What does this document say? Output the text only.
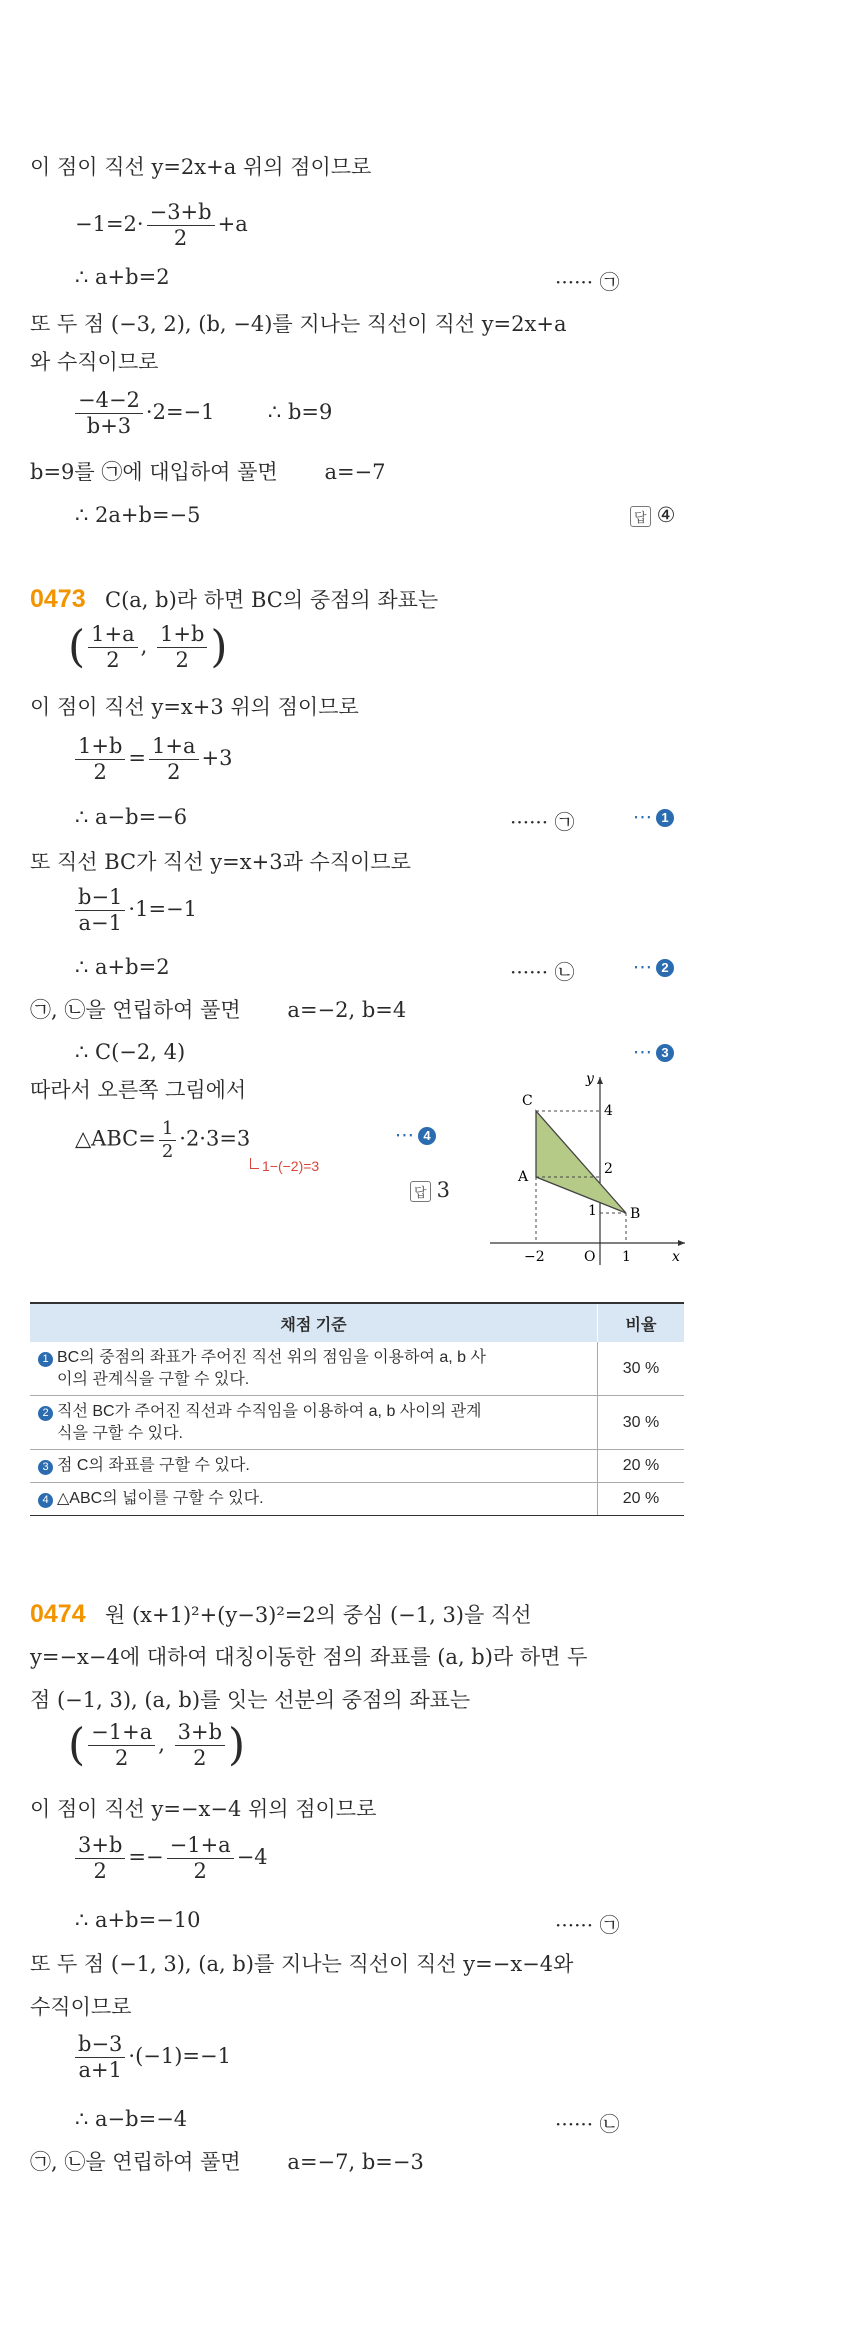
이 점이 직선 y=2x+a 위의 점이므로
$-1=2\cdot \frac{-3+b}{2} +a$
∴ a+b=2	······ ㉠
또 두 점 (−3, 2), (b, −4)를 지나는 직선이 직선 y=2x+a
와 수직이므로
$\frac{-4-2}{b+3} \cdot 2=-1$        ∴ b=9
b=9를 ㉠에 대입하여 풀면       a=−7
∴ 2a+b=−5	답 ④
0473 C(a, b)라 하면 BC의 중점의 좌표는
( $\frac{1+a}{2}$ , $\frac{1+b}{2}$ )
이 점이 직선 y=x+3 위의 점이므로
$\frac{1+b}{2} = \frac{1+a}{2} +3$
∴ a−b=−6	······ ㉠	⋯ 1
또 직선 BC가 직선 y=x+3과 수직이므로
$\frac{b-1}{a-1} \cdot 1=-1$
∴ a+b=2	······ ㉡	⋯ 2
㉠, ㉡을 연립하여 풀면       a=−2, b=4
∴ C(−2, 4)	⋯ 3
따라서 오른쪽 그림에서
△ABC= $\frac{1}{2} \cdot 2\cdot 3=3$	⋯ 4
1−(−2)=3
답 3
C
A
B
O	x
y
4
2
1
−2	1
채점 기준	비율
1 BC의 중점의 좌표가 주어진 직선 위의 점임을 이용하여 a, b 사
이의 관계식을 구할 수 있다.	30 %
2 직선 BC가 주어진 직선과 수직임을 이용하여 a, b 사이의 관계
식을 구할 수 있다.	30 %
3 점 C의 좌표를 구할 수 있다.	20 %
4 △ABC의 넓이를 구할 수 있다.	20 %
0474 원 (x+1)²+(y−3)²=2의 중심 (−1, 3)을 직선
y=−x−4에 대하여 대칭이동한 점의 좌표를 (a, b)라 하면 두
점 (−1, 3), (a, b)를 잇는 선분의 중점의 좌표는
( $\frac{-1+a}{2}$ , $\frac{3+b}{2}$ )
이 점이 직선 y=−x−4 위의 점이므로
$\frac{3+b}{2} =- \frac{-1+a}{2} -4$
∴ a+b=−10	······ ㉠
또 두 점 (−1, 3), (a, b)를 지나는 직선이 직선 y=−x−4와
수직이므로
$\frac{b-3}{a+1} \cdot(-1)=-1$
∴ a−b=−4	······ ㉡
㉠, ㉡을 연립하여 풀면       a=−7, b=−3
